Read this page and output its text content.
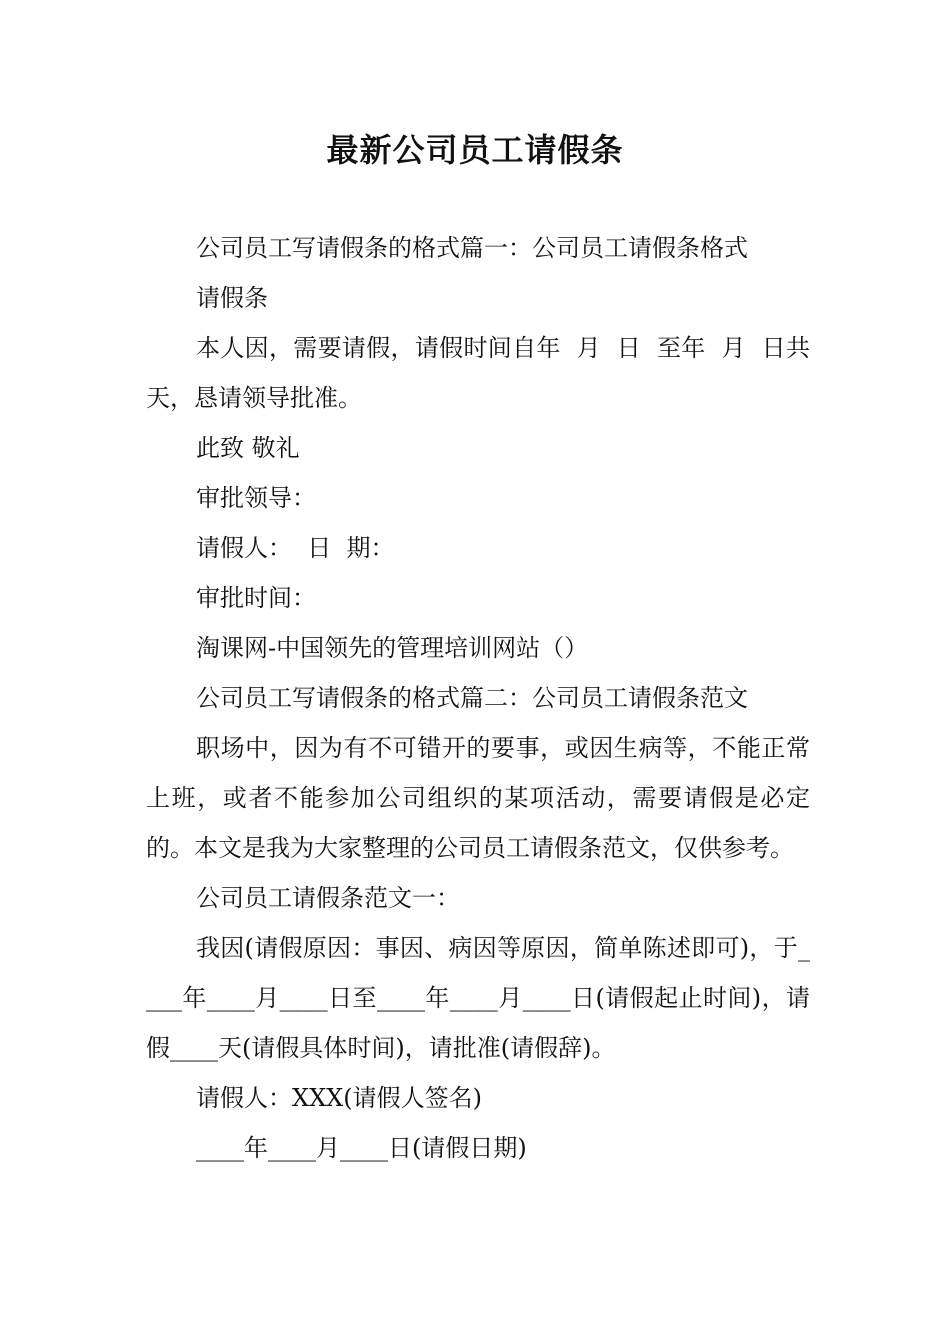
最新公司员工请假条

公司员工写请假条的格式篇一：公司员工请假条格式

请假条

本人因，需要请假，请假时间自年  月  日  至年  月  日共天，恳请领导批准。

此致 敬礼

审批领导：

请假人：  日  期：

审批时间：

淘课网-中国领先的管理培训网站（）

公司员工写请假条的格式篇二：公司员工请假条范文

职场中，因为有不可错开的要事，或因生病等，不能正常上班，或者不能参加公司组织的某项活动，需要请假是必定的。本文是我为大家整理的公司员工请假条范文，仅供参考。

公司员工请假条范文一：

我因(请假原因：事因、病因等原因，简单陈述即可)，于____年____月____日至____年____月____日(请假起止时间)，请假____天(请假具体时间)，请批准(请假辞)。

请假人：XXX(请假人签名)

____年____月____日(请假日期)
